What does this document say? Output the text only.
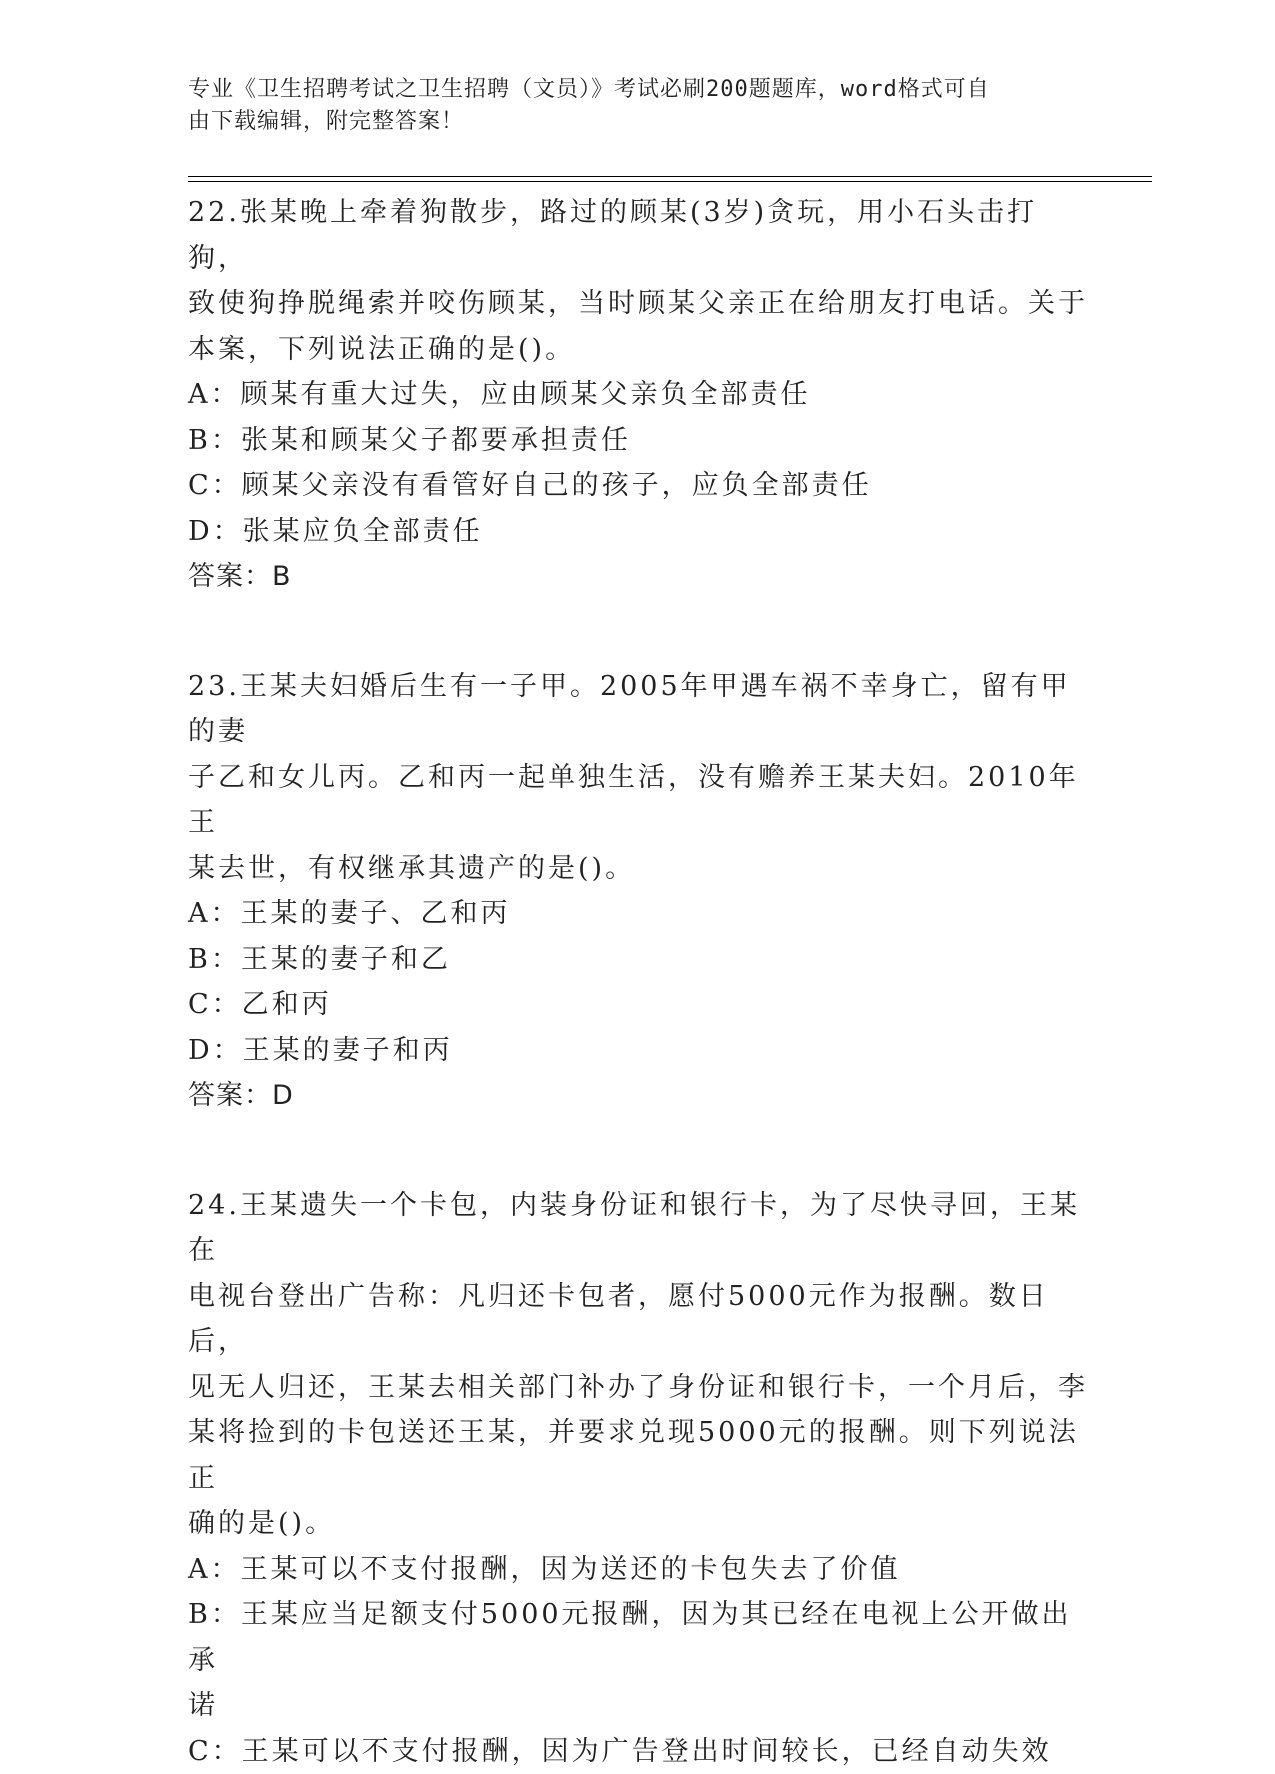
专业《卫生招聘考试之卫生招聘（文员）》考试必刷200题题库，word格式可自
由下载编辑，附完整答案！

22.张某晚上牵着狗散步，路过的顾某(3岁)贪玩，用小石头击打狗，

致使狗挣脱绳索并咬伤顾某，当时顾某父亲正在给朋友打电话。关于

本案，下列说法正确的是()。

A：顾某有重大过失，应由顾某父亲负全部责任

B：张某和顾某父子都要承担责任

C：顾某父亲没有看管好自己的孩子，应负全部责任

D：张某应负全部责任

答案：B

23.王某夫妇婚后生有一子甲。2005年甲遇车祸不幸身亡，留有甲的妻

子乙和女儿丙。乙和丙一起单独生活，没有赡养王某夫妇。2010年王

某去世，有权继承其遗产的是()。

A：王某的妻子、乙和丙

B：王某的妻子和乙

C：乙和丙

D：王某的妻子和丙

答案：D

24.王某遗失一个卡包，内装身份证和银行卡，为了尽快寻回，王某在

电视台登出广告称：凡归还卡包者，愿付5000元作为报酬。数日后，

见无人归还，王某去相关部门补办了身份证和银行卡，一个月后，李

某将捡到的卡包送还王某，并要求兑现5000元的报酬。则下列说法正

确的是()。

A：王某可以不支付报酬，因为送还的卡包失去了价值

B：王某应当足额支付5000元报酬，因为其已经在电视上公开做出承

诺

C：王某可以不支付报酬，因为广告登出时间较长，已经自动失效
